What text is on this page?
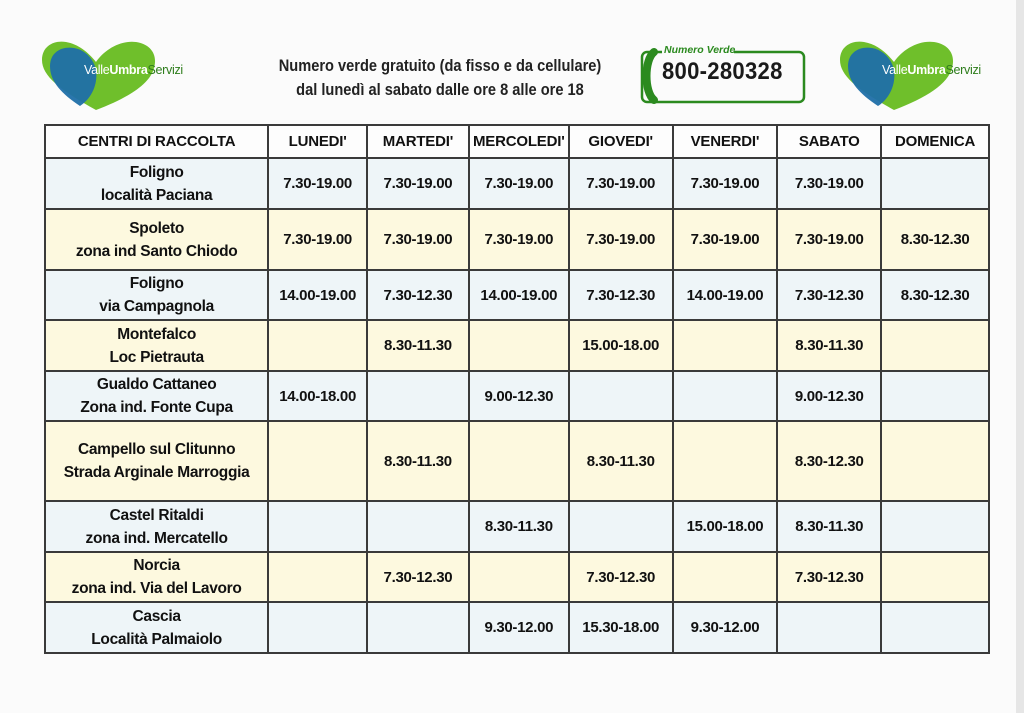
ValleUmbraServizi	Numero verde gratuito (da fisso e da cellulare)
dal lunedì al sabato dalle ore 8 alle ore 18
Numero Verde
800-280328	ValleUmbraServizi
CENTRI DI RACCOLTA	LUNEDI'	MARTEDI'	MERCOLEDI'	GIOVEDI'	VENERDI'	SABATO	DOMENICA

Foligno
località Paciana	7.30-19.00	7.30-19.00	7.30-19.00	7.30-19.00	7.30-19.00	7.30-19.00	

Spoleto
zona ind Santo Chiodo	7.30-19.00	7.30-19.00	7.30-19.00	7.30-19.00	7.30-19.00	7.30-19.00	8.30-12.30

Foligno
via Campagnola	14.00-19.00	7.30-12.30	14.00-19.00	7.30-12.30	14.00-19.00	7.30-12.30	8.30-12.30

Montefalco
Loc Pietrauta		8.30-11.30		15.00-18.00		8.30-11.30	

Gualdo Cattaneo
Zona ind. Fonte Cupa	14.00-18.00		9.00-12.30			9.00-12.30	

Campello sul Clitunno
Strada Arginale Marroggia		8.30-11.30		8.30-11.30		8.30-12.30	

Castel Ritaldi
zona ind. Mercatello			8.30-11.30		15.00-18.00	8.30-11.30	

Norcia
zona ind. Via del Lavoro		7.30-12.30		7.30-12.30		7.30-12.30	

Cascia
Località Palmaiolo			9.30-12.00	15.30-18.00	9.30-12.00		
